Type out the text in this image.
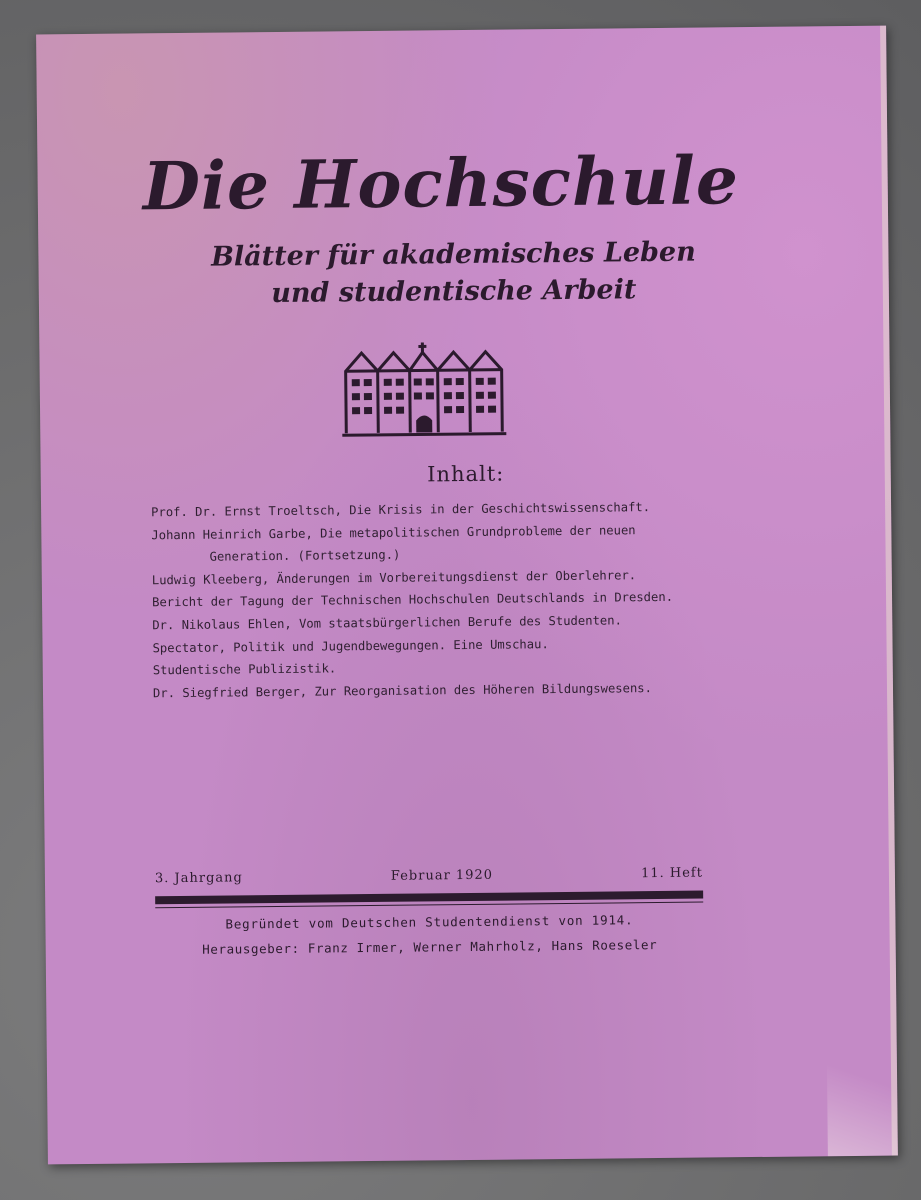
Die Hochschule
Blätter für akademisches Leben
und studentische Arbeit
Inhalt:
Prof. Dr. Ernst Troeltsch, Die Krisis in der Geschichtswissenschaft.
Johann Heinrich Garbe, Die metapolitischen Grundprobleme der neuen
Generation. (Fortsetzung.)
Ludwig Kleeberg, Änderungen im Vorbereitungsdienst der Oberlehrer.
Bericht der Tagung der Technischen Hochschulen Deutschlands in Dresden.
Dr. Nikolaus Ehlen, Vom staatsbürgerlichen Berufe des Studenten.
Spectator, Politik und Jugendbewegungen. Eine Umschau.
Studentische Publizistik.
Dr. Siegfried Berger, Zur Reorganisation des Höheren Bildungswesens.
3. Jahrgang	Februar 1920	11. Heft
Begründet vom Deutschen Studentendienst von 1914.
Herausgeber: Franz Irmer, Werner Mahrholz, Hans Roeseler
